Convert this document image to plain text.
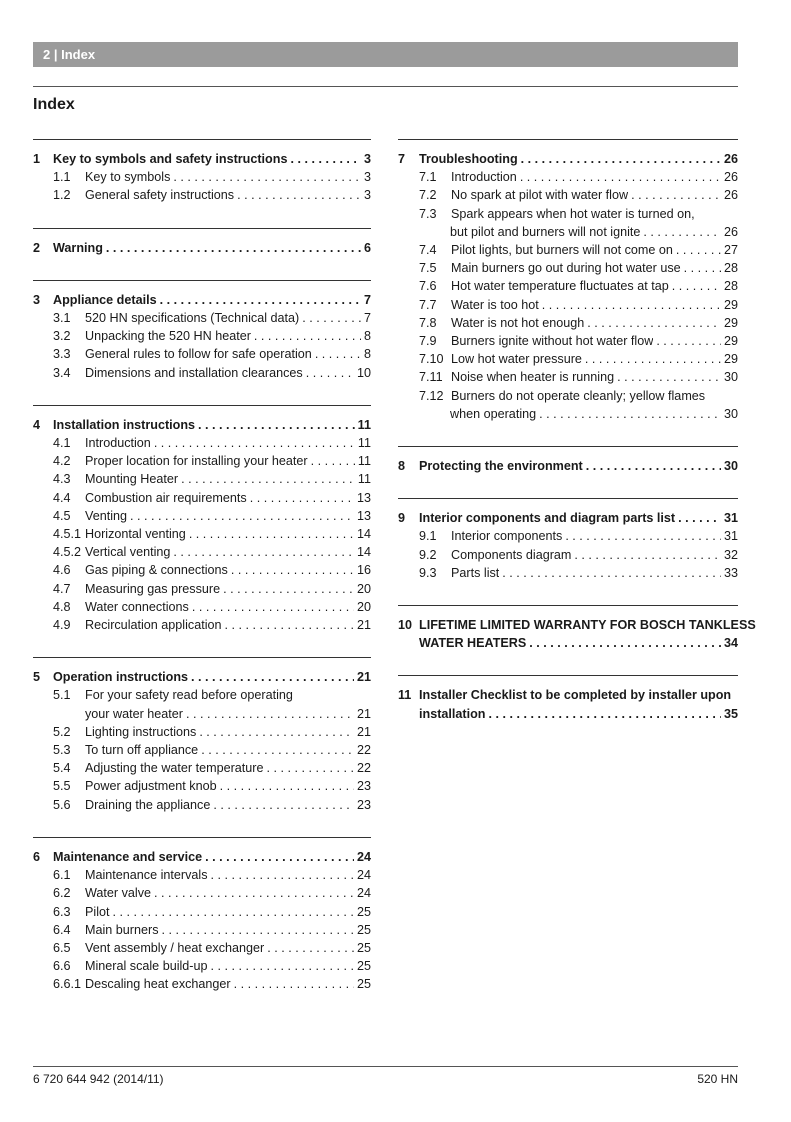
2 | Index
Index
1	Key to symbols and safety instructions . . .	3
1.1	Key to symbols . . .	3
1.2	General safety instructions . . .	3
2	Warning . . .	6
3	Appliance details . . .	7
3.1	520 HN specifications (Technical data) . . .	7
3.2	Unpacking the 520 HN heater . . .	8
3.3	General rules to follow for safe operation . . .	8
3.4	Dimensions and installation clearances . . .	10
4	Installation instructions . . .	11
4.1	Introduction . . .	11
4.2	Proper location for installing your heater . . .	11
4.3	Mounting Heater . . .	11
4.4	Combustion air requirements . . .	13
4.5	Venting . . .	13
4.5.1 Horizontal venting . . .	14
4.5.2 Vertical venting . . .	14
4.6	Gas piping & connections . . .	16
4.7	Measuring gas pressure . . .	20
4.8	Water connections . . .	20
4.9	Recirculation application . . .	21
5	Operation instructions . . .	21
5.1	For your safety read before operating
your water heater . . .	21
5.2	Lighting instructions . . .	21
5.3	To turn off appliance . . .	22
5.4	Adjusting the water temperature . . .	22
5.5	Power adjustment knob . . .	23
5.6	Draining the appliance . . .	23
6	Maintenance and service . . .	24
6.1	Maintenance intervals . . .	24
6.2	Water valve . . .	24
6.3	Pilot . . .	25
6.4	Main burners . . .	25
6.5	Vent assembly / heat exchanger . . .	25
6.6	Mineral scale build-up . . .	25
6.6.1 Descaling heat exchanger . . .	25
7	Troubleshooting . . .	26
7.1	Introduction . . .	26
7.2	No spark at pilot with water flow . . .	26
7.3	Spark appears when hot water is turned on,
but pilot and burners will not ignite . . .	26
7.4	Pilot lights, but burners will not come on . . .	27
7.5	Main burners go out during hot water use . . .	28
7.6	Hot water temperature fluctuates at tap . . .	28
7.7	Water is too hot . . .	29
7.8	Water is not hot enough . . .	29
7.9	Burners ignite without hot water flow . . .	29
7.10 Low hot water pressure . . .	29
7.11 Noise when heater is running . . .	30
7.12 Burners do not operate cleanly; yellow flames
when operating . . .	30
8	Protecting the environment . . .	30
9	Interior components and diagram parts list . . .	31
9.1	Interior components . . .	31
9.2	Components diagram . . .	32
9.3	Parts list . . .	33
10 LIFETIME LIMITED WARRANTY FOR BOSCH TANKLESS
WATER HEATERS . . .	34
11 Installer Checklist to be completed by installer upon
installation . . .	35
6 720 644 942 (2014/11)	520 HN
